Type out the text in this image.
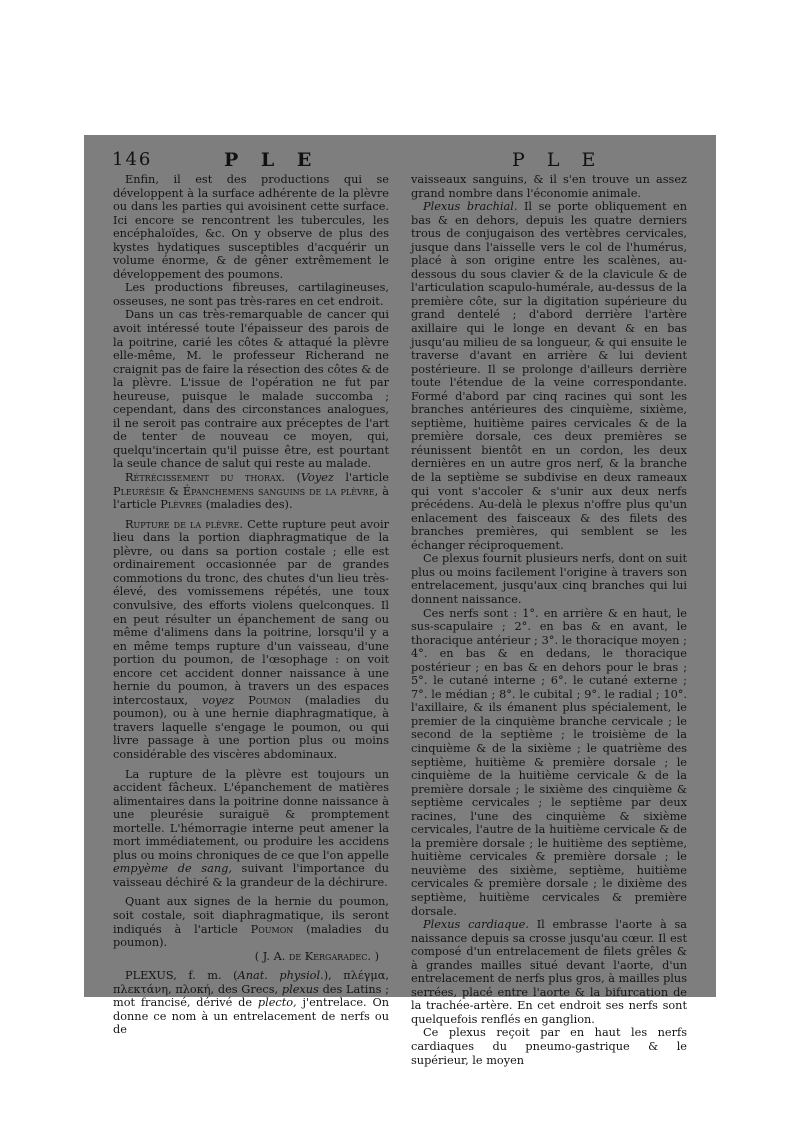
146	P L E	P L E

Enfin, il est des productions qui se développent à la surface adhérente de la plèvre ou dans les parties qui avoisinent cette surface. Ici encore se rencontrent les tubercules, les encéphaloïdes, &c. On y observe de plus des kystes hydatiques susceptibles d'acquérir un volume énorme, & de gêner extrêmement le développement des poumons.

Les productions fibreuses, cartilagineuses, osseuses, ne sont pas très-rares en cet endroit.

Dans un cas très-remarquable de cancer qui avoit intéressé toute l'épaisseur des parois de la poitrine, carié les côtes & attaqué la plèvre elle-même, M. le professeur Richerand ne craignit pas de faire la résection des côtes & de la plèvre. L'issue de l'opération ne fut par heureuse, puisque le malade succomba ; cependant, dans des circonstances analogues, il ne seroit pas contraire aux préceptes de l'art de tenter de nouveau ce moyen, qui, quelqu'incertain qu'il puisse être, est pourtant la seule chance de salut qui reste au malade.

Rétrécissement du thorax. (Voyez l'article Pleurésie & Épanchemens sanguins de la plèvre, à l'article Plèvres (maladies des).

Rupture de la plèvre. Cette rupture peut avoir lieu dans la portion diaphragmatique de la plèvre, ou dans sa portion costale ; elle est ordinairement occasionnée par de grandes commotions du tronc, des chutes d'un lieu très-élevé, des vomissemens répétés, une toux convulsive, des efforts violens quelconques. Il en peut résulter un épanchement de sang ou même d'alimens dans la poitrine, lorsqu'il y a en même temps rupture d'un vaisseau, d'une portion du poumon, de l'œsophage : on voit encore cet accident donner naissance à une hernie du poumon, à travers un des espaces intercostaux, voyez Poumon (maladies du poumon), ou à une hernie diaphragmatique, à travers laquelle s'engage le poumon, ou qui livre passage à une portion plus ou moins considérable des viscères abdominaux.

La rupture de la plèvre est toujours un accident fâcheux. L'épanchement de matières alimentaires dans la poitrine donne naissance à une pleurésie suraiguë & promptement mortelle. L'hémorragie interne peut amener la mort immédiatement, ou produire les accidens plus ou moins chroniques de ce que l'on appelle empyème de sang, suivant l'importance du vaisseau déchiré & la grandeur de la déchirure.

Quant aux signes de la hernie du poumon, soit costale, soit diaphragmatique, ils seront indiqués à l'article Poumon (maladies du poumon).

( J. A. de Kergaradec. )

PLEXUS, f. m. (Anat. physiol.), πλέγμα, πλεκτάνη, πλοκή, des Grecs, plexus des Latins ; mot francisé, dérivé de plecto, j'entrelace. On donne ce nom à un entrelacement de nerfs ou de

vaisseaux sanguins, & il s'en trouve un assez grand nombre dans l'économie animale.

Plexus brachial. Il se porte obliquement en bas & en dehors, depuis les quatre derniers trous de conjugaison des vertèbres cervicales, jusque dans l'aisselle vers le col de l'humérus, placé à son origine entre les scalènes, au-dessous du sous clavier & de la clavicule & de l'articulation scapulo-humérale, au-dessus de la première côte, sur la digitation supérieure du grand dentelé ; d'abord derrière l'artère axillaire qui le longe en devant & en bas jusqu'au milieu de sa longueur, & qui ensuite le traverse d'avant en arrière & lui devient postérieure. Il se prolonge d'ailleurs derrière toute l'étendue de la veine correspondante. Formé d'abord par cinq racines qui sont les branches antérieures des cinquième, sixième, septième, huitième paires cervicales & de la première dorsale, ces deux premières se réunissent bientôt en un cordon, les deux dernières en un autre gros nerf, & la branche de la septième se subdivise en deux rameaux qui vont s'accoler & s'unir aux deux nerfs précédens. Au-delà le plexus n'offre plus qu'un enlacement des faisceaux & des filets des branches premières, qui semblent se les échanger réciproquement.

Ce plexus fournit plusieurs nerfs, dont on suit plus ou moins facilement l'origine à travers son entrelacement, jusqu'aux cinq branches qui lui donnent naissance.

Ces nerfs sont : 1°. en arrière & en haut, le sus-scapulaire ; 2°. en bas & en avant, le thoracique antérieur ; 3°. le thoracique moyen ; 4°. en bas & en dedans, le thoracique postérieur ; en bas & en dehors pour le bras ; 5°. le cutané interne ; 6°. le cutané externe ; 7°. le médian ; 8°. le cubital ; 9°. le radial ; 10°. l'axillaire, & ils émanent plus spécialement, le premier de la cinquième branche cervicale ; le second de la septième ; le troisième de la cinquième & de la sixième ; le quatrième des septième, huitième & première dorsale ; le cinquième de la huitième cervicale & de la première dorsale ; le sixième des cinquième & septième cervicales ; le septième par deux racines, l'une des cinquième & sixième cervicales, l'autre de la huitième cervicale & de la première dorsale ; le huitième des septième, huitième cervicales & première dorsale ; le neuvième des sixième, septième, huitième cervicales & première dorsale ; le dixième des septième, huitième cervicales & première dorsale.

Plexus cardiaque. Il embrasse l'aorte à sa naissance depuis sa crosse jusqu'au cœur. Il est composé d'un entrelacement de filets grêles & à grandes mailles situé devant l'aorte, d'un entrelacement de nerfs plus gros, à mailles plus serrées, placé entre l'aorte & la bifurcation de la trachée-artère. En cet endroit ses nerfs sont quelquefois renflés en ganglion.

Ce plexus reçoit par en haut les nerfs cardiaques du pneumo-gastrique & le supérieur, le moyen
